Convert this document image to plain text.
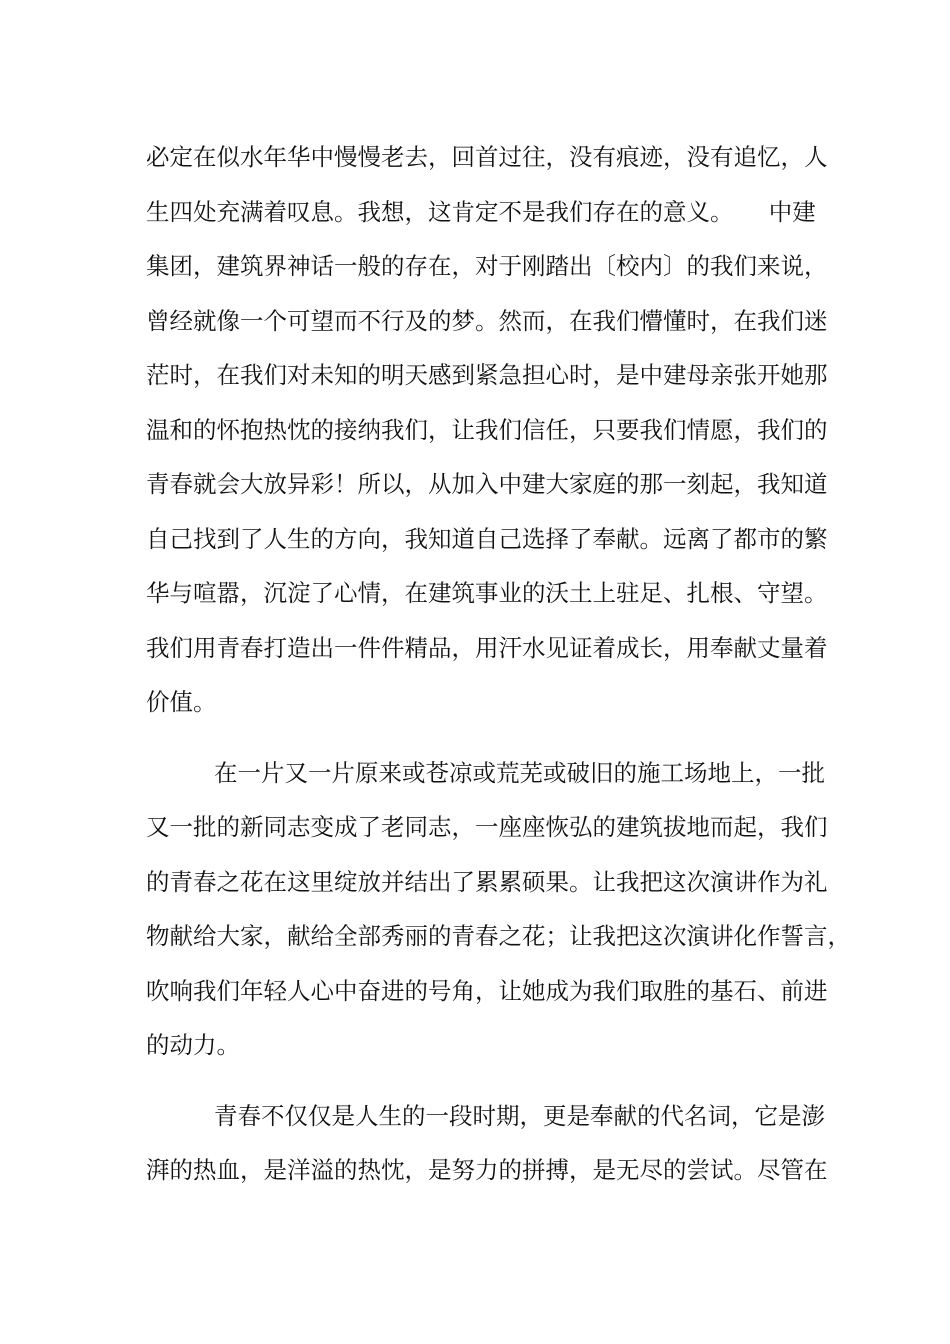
必定在似水年华中慢慢老去，回首过往，没有痕迹，没有追忆，人
生四处充满着叹息。我想，这肯定不是我们存在的意义。　　中建
集团，建筑界神话一般的存在，对于刚踏出〔校内〕的我们来说，
曾经就像一个可望而不行及的梦。然而，在我们懵懂时，在我们迷
茫时，在我们对未知的明天感到紧急担心时，是中建母亲张开她那
温和的怀抱热忱的接纳我们，让我们信任，只要我们情愿，我们的
青春就会大放异彩！所以，从加入中建大家庭的那一刻起，我知道
自己找到了人生的方向，我知道自己选择了奉献。远离了都市的繁
华与喧嚣，沉淀了心情，在建筑事业的沃土上驻足、扎根、守望。
我们用青春打造出一件件精品，用汗水见证着成长，用奉献丈量着
价值。
在一片又一片原来或苍凉或荒芜或破旧的施工场地上，一批
又一批的新同志变成了老同志，一座座恢弘的建筑拔地而起，我们
的青春之花在这里绽放并结出了累累硕果。让我把这次演讲作为礼
物献给大家，献给全部秀丽的青春之花；让我把这次演讲化作誓言，
吹响我们年轻人心中奋进的号角，让她成为我们取胜的基石、前进
的动力。
青春不仅仅是人生的一段时期，更是奉献的代名词，它是澎
湃的热血，是洋溢的热忱，是努力的拼搏，是无尽的尝试。尽管在
